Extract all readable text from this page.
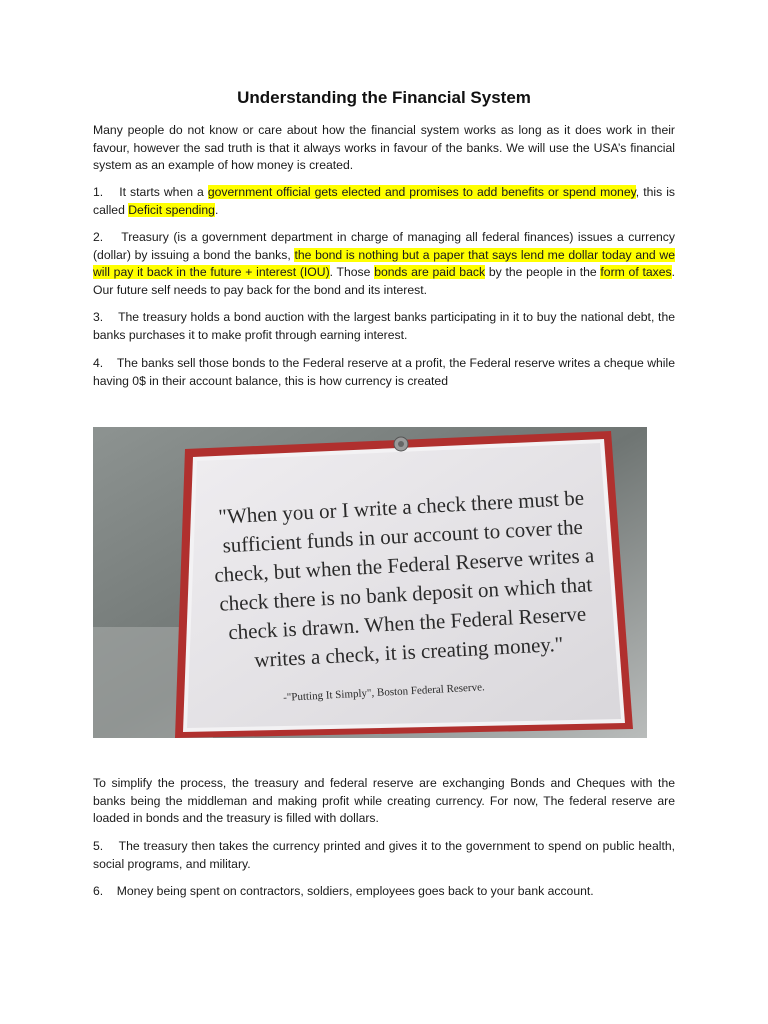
Understanding the Financial System

Many people do not know or care about how the financial system works as long as it does work in their favour, however the sad truth is that it always works in favour of the banks. We will use the USA’s financial system as an example of how money is created.

1.    It starts when a government official gets elected and promises to add benefits or spend money, this is called Deficit spending.

2.    Treasury (is a government department in charge of managing all federal finances) issues a currency (dollar) by issuing a bond the banks, the bond is nothing but a paper that says lend me dollar today and we will pay it back in the future + interest (IOU). Those bonds are paid back by the people in the form of taxes. Our future self needs to pay back for the bond and its interest.

3.    The treasury holds a bond auction with the largest banks participating in it to buy the national debt, the banks purchases it to make profit through earning interest.

4.    The banks sell those bonds to the Federal reserve at a profit, the Federal reserve writes a cheque while having 0$ in their account balance, this is how currency is created

To simplify the process, the treasury and federal reserve are exchanging Bonds and Cheques with the banks being the middleman and making profit while creating currency. For now, The federal reserve are loaded in bonds and the treasury is filled with dollars.

5.    The treasury then takes the currency printed and gives it to the government to spend on public health, social programs, and military.

6.    Money being spent on contractors, soldiers, employees goes back to your bank account.

"When you or I write a check there must be sufficient funds in our account to cover the check, but when the Federal Reserve writes a check there is no bank deposit on which that check is drawn. When the Federal Reserve writes a check, it is creating money."

-"Putting It Simply", Boston Federal Reserve.
